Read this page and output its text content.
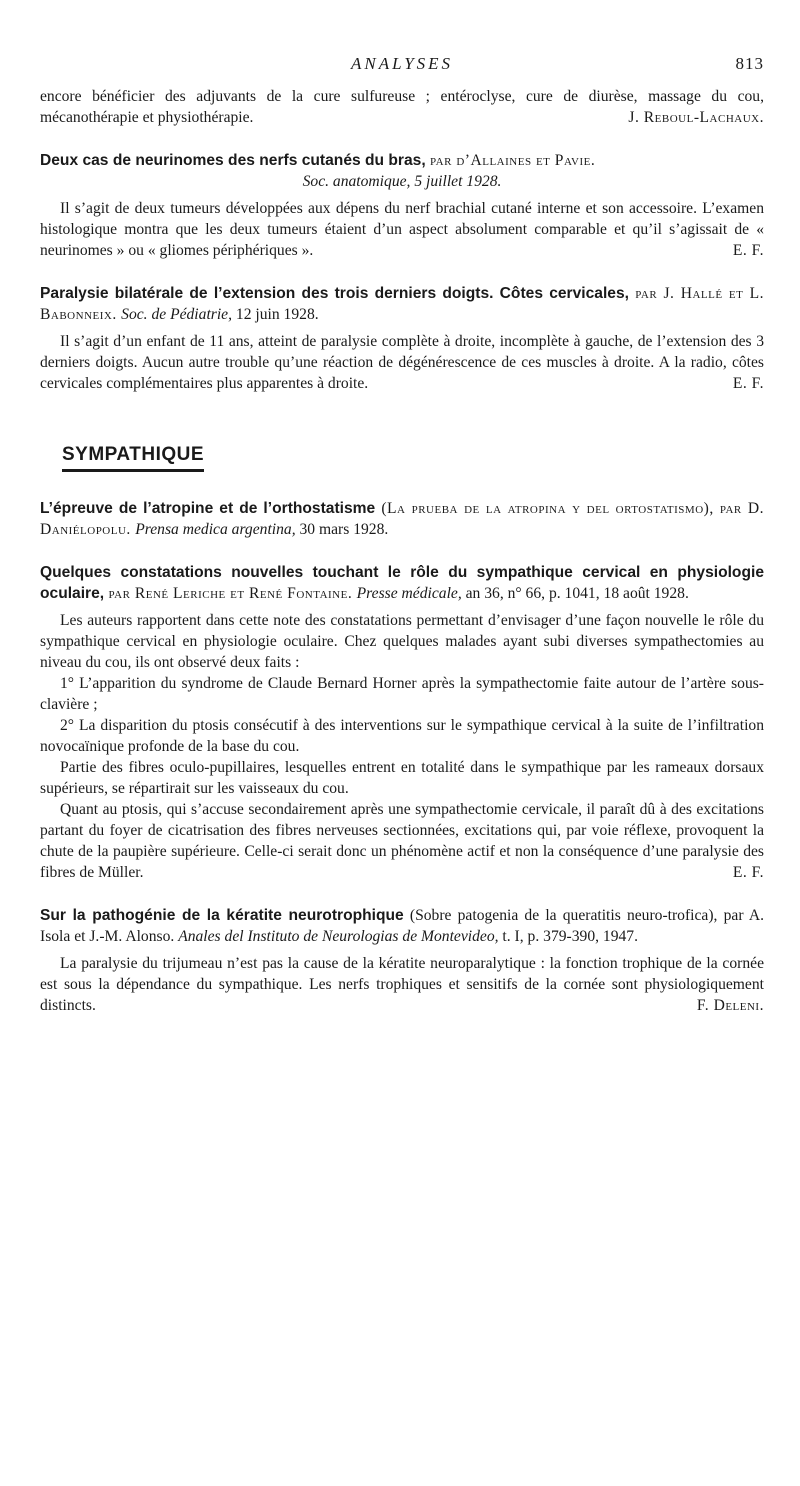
ANALYSES	813

encore bénéficier des adjuvants de la cure sulfureuse ; entéroclyse, cure de diurèse, massage du cou, mécanothérapie et physiothérapie.	J. Reboul-Lachaux.

Deux cas de neurinomes des nerfs cutanés du bras, par d’Allaines et Pavie.
Soc. anatomique, 5 juillet 1928.

Il s’agit de deux tumeurs développées aux dépens du nerf brachial cutané interne et son accessoire. L’examen histologique montra que les deux tumeurs étaient d’un aspect absolument comparable et qu’il s’agissait de « neurinomes » ou « gliomes périphériques ».	E. F.

Paralysie bilatérale de l’extension des trois derniers doigts. Côtes cervicales, par J. Hallé et L. Babonneix. Soc. de Pédiatrie, 12 juin 1928.

Il s’agit d’un enfant de 11 ans, atteint de paralysie complète à droite, incomplète à gauche, de l’extension des 3 derniers doigts. Aucun autre trouble qu’une réaction de dégénérescence de ces muscles à droite. A la radio, côtes cervicales complémentaires plus apparentes à droite.	E. F.

SYMPATHIQUE

L’épreuve de l’atropine et de l’orthostatisme (La prueba de la atropina y del ortostatismo), par D. Daniélopolu. Prensa medica argentina, 30 mars 1928.

Quelques constatations nouvelles touchant le rôle du sympathique cervical en physiologie oculaire, par René Leriche et René Fontaine. Presse médicale, an 36, n° 66, p. 1041, 18 août 1928.

Les auteurs rapportent dans cette note des constatations permettant d’envisager d’une façon nouvelle le rôle du sympathique cervical en physiologie oculaire. Chez quelques malades ayant subi diverses sympathectomies au niveau du cou, ils ont observé deux faits :

1° L’apparition du syndrome de Claude Bernard Horner après la sympathectomie faite autour de l’artère sous-clavière ;

2° La disparition du ptosis consécutif à des interventions sur le sympathique cervical à la suite de l’infiltration novocaïnique profonde de la base du cou.

Partie des fibres oculo-pupillaires, lesquelles entrent en totalité dans le sympathique par les rameaux dorsaux supérieurs, se répartirait sur les vaisseaux du cou.

Quant au ptosis, qui s’accuse secondairement après une sympathectomie cervicale, il paraît dû à des excitations partant du foyer de cicatrisation des fibres nerveuses sectionnées, excitations qui, par voie réflexe, provoquent la chute de la paupière supérieure. Celle-ci serait donc un phénomène actif et non la conséquence d’une paralysie des fibres de Müller.	E. F.

Sur la pathogénie de la kératite neurotrophique (Sobre patogenia de la queratitis neuro-trofica), par A. Isola et J.-M. Alonso. Anales del Instituto de Neurologias de Montevideo, t. I, p. 379-390, 1947.

La paralysie du trijumeau n’est pas la cause de la kératite neuroparalytique : la fonction trophique de la cornée est sous la dépendance du sympathique. Les nerfs trophiques et sensitifs de la cornée sont physiologiquement distincts.	F. Deleni.
